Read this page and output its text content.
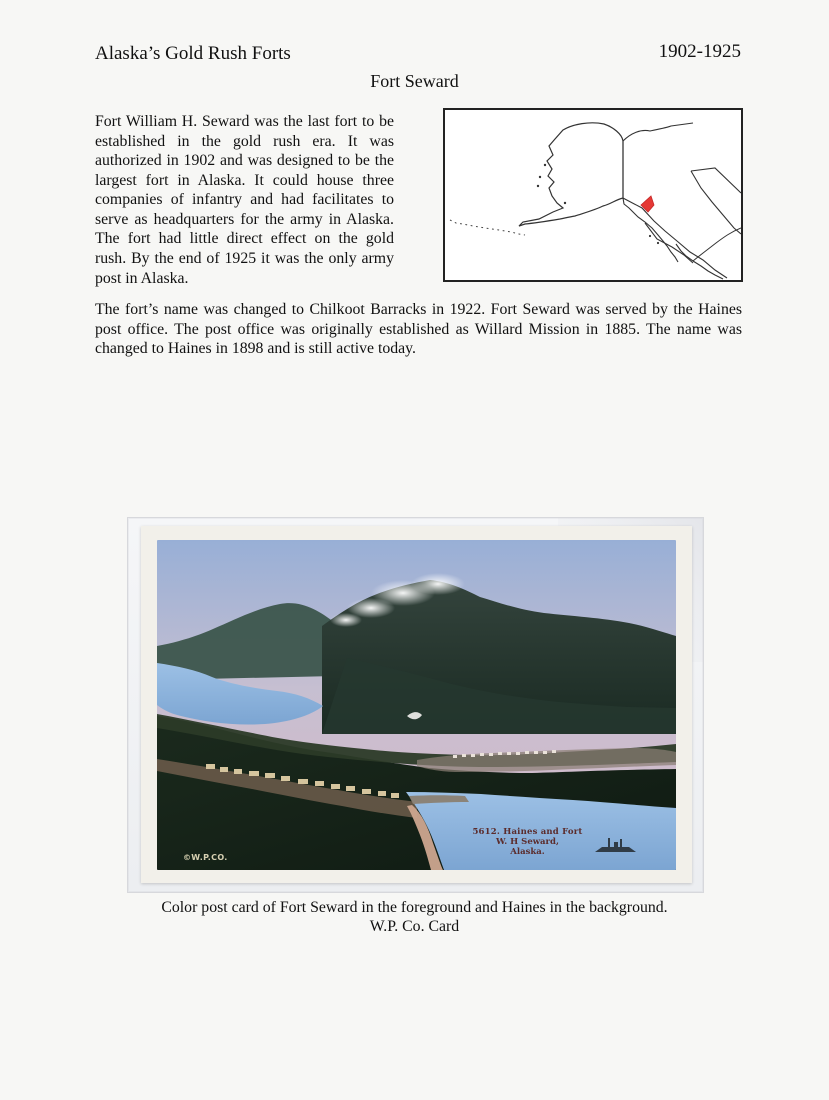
Alaska’s Gold Rush Forts	1902-1925
Fort Seward
Fort William H. Seward was the last fort to be established in the gold rush era. It was authorized in 1902 and was designed to be the largest fort in Alaska. It could house three companies of infantry and had facilitates to serve as headquarters for the army in Alaska. The fort had little direct effect on the gold rush. By the end of 1925 it was the only army post in Alaska.
The fort’s name was changed to Chilkoot Barracks in 1922. Fort Seward was served by the Haines post office. The post office was originally established as Willard Mission in 1885. The name was changed to Haines in 1898 and is still active today.
5612. Haines and Fort
W. H Seward,
Alaska.
©W.P.CO.
Color post card of Fort Seward in the foreground and Haines in the background.
W.P. Co. Card
